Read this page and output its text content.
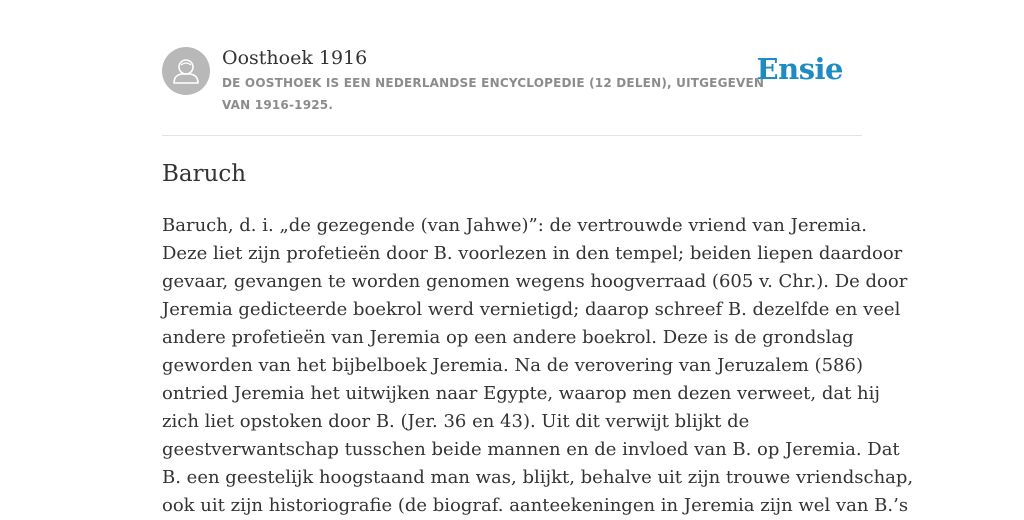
Oosthoek 1916
DE OOSTHOEK IS EEN NEDERLANDSE ENCYCLOPEDIE (12 DELEN), UITGEGEVEN
VAN 1916-1925.
Ensie
Baruch
Baruch, d. i. „de gezegende (van Jahwe)”: de vertrouwde vriend van Jeremia.
Deze liet zijn profetieën door B. voorlezen in den tempel; beiden liepen daardoor
gevaar, gevangen te worden genomen wegens hoogverraad (605 v. Chr.). De door
Jeremia gedicteerde boekrol werd vernietigd; daarop schreef B. dezelfde en veel
andere profetieën van Jeremia op een andere boekrol. Deze is de grondslag
geworden van het bijbelboek Jeremia. Na de verovering van Jeruzalem (586)
ontried Jeremia het uitwijken naar Egypte, waarop men dezen verweet, dat hij
zich liet opstoken door B. (Jer. 36 en 43). Uit dit verwijt blijkt de
geestverwantschap tusschen beide mannen en de invloed van B. op Jeremia. Dat
B. een geestelijk hoogstaand man was, blijkt, behalve uit zijn trouwe vriendschap,
ook uit zijn historiografie (de biograf. aanteekeningen in Jeremia zijn wel van B.’s
